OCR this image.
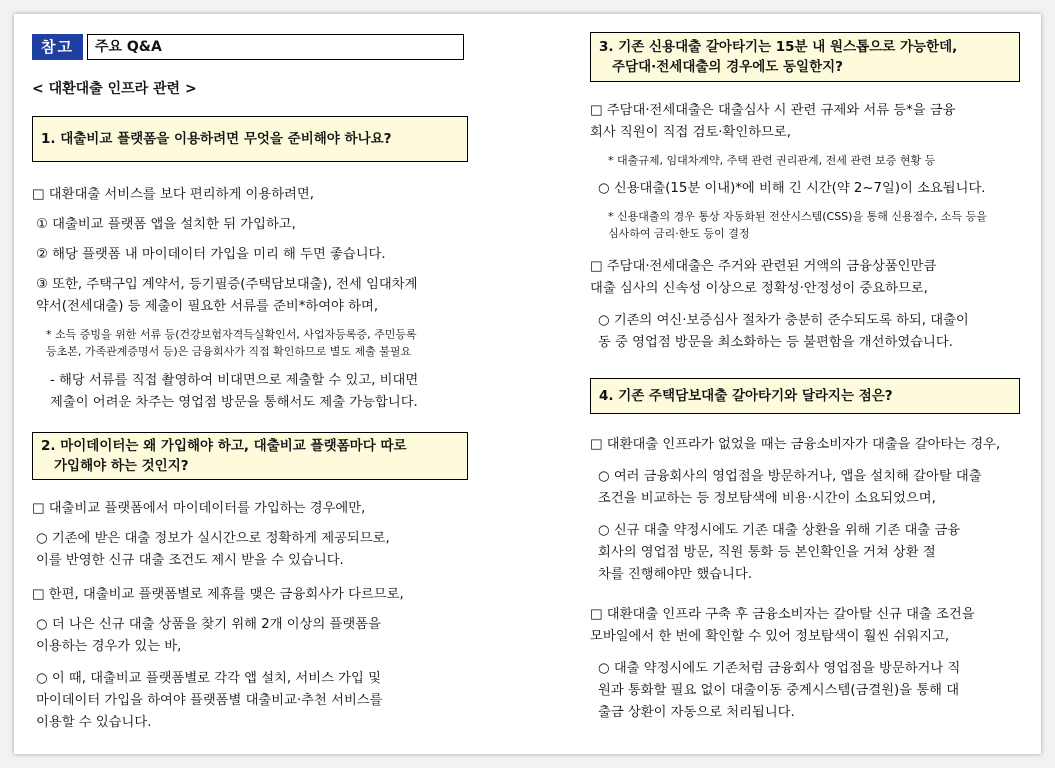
참고	주요 Q&A
< 대환대출 인프라 관련 >
1. 대출비교 플랫폼을 이용하려면 무엇을 준비해야 하나요?
□ 대환대출 서비스를 보다 편리하게 이용하려면,
① 대출비교 플랫폼 앱을 설치한 뒤 가입하고,
② 해당 플랫폼 내 마이데이터 가입을 미리 해 두면 좋습니다.
③ 또한, 주택구입 계약서, 등기필증(주택담보대출), 전세 임대차계
약서(전세대출) 등 제출이 필요한 서류를 준비*하여야 하며,
* 소득 증빙을 위한 서류 등(건강보험자격득실확인서, 사업자등록증, 주민등록
등초본, 가족관계증명서 등)은 금융회사가 직접 확인하므로 별도 제출 불필요
- 해당 서류를 직접 촬영하여 비대면으로 제출할 수 있고, 비대면
제출이 어려운 차주는 영업점 방문을 통해서도 제출 가능합니다.
2. 마이데이터는 왜 가입해야 하고, 대출비교 플랫폼마다 따로
가입해야 하는 것인지?
□ 대출비교 플랫폼에서 마이데이터를 가입하는 경우에만,
○ 기존에 받은 대출 정보가 실시간으로 정확하게 제공되므로,
이를 반영한 신규 대출 조건도 제시 받을 수 있습니다.
□ 한편, 대출비교 플랫폼별로 제휴를 맺은 금융회사가 다르므로,
○ 더 나은 신규 대출 상품을 찾기 위해 2개 이상의 플랫폼을
이용하는 경우가 있는 바,
○ 이 때, 대출비교 플랫폼별로 각각 앱 설치, 서비스 가입 및
마이데이터 가입을 하여야 플랫폼별 대출비교·추천 서비스를
이용할 수 있습니다.
3. 기존 신용대출 갈아타기는 15분 내 원스톱으로 가능한데,
주담대·전세대출의 경우에도 동일한지?
□ 주담대·전세대출은 대출심사 시 관련 규제와 서류 등*을 금융
회사 직원이 직접 검토·확인하므로,
* 대출규제, 임대차계약, 주택 관련 권리관계, 전세 관련 보증 현황 등
○ 신용대출(15분 이내)*에 비해 긴 시간(약 2~7일)이 소요됩니다.
* 신용대출의 경우 통상 자동화된 전산시스템(CSS)을 통해 신용점수, 소득 등을
심사하여 금리·한도 등이 결정
□ 주담대·전세대출은 주거와 관련된 거액의 금융상품인만큼
대출 심사의 신속성 이상으로 정확성·안정성이 중요하므로,
○ 기존의 여신·보증심사 절차가 충분히 준수되도록 하되, 대출이
동 중 영업점 방문을 최소화하는 등 불편함을 개선하였습니다.
4. 기존 주택담보대출 갈아타기와 달라지는 점은?
□ 대환대출 인프라가 없었을 때는 금융소비자가 대출을 갈아타는 경우,
○ 여러 금융회사의 영업점을 방문하거나, 앱을 설치해 갈아탈 대출
조건을 비교하는 등 정보탐색에 비용·시간이 소요되었으며,
○ 신규 대출 약정시에도 기존 대출 상환을 위해 기존 대출 금융
회사의 영업점 방문, 직원 통화 등 본인확인을 거쳐 상환 절
차를 진행해야만 했습니다.
□ 대환대출 인프라 구축 후 금융소비자는 갈아탈 신규 대출 조건을
모바일에서 한 번에 확인할 수 있어 정보탐색이 훨씬 쉬워지고,
○ 대출 약정시에도 기존처럼 금융회사 영업점을 방문하거나 직
원과 통화할 필요 없이 대출이동 중계시스템(금결원)을 통해 대
출금 상환이 자동으로 처리됩니다.
